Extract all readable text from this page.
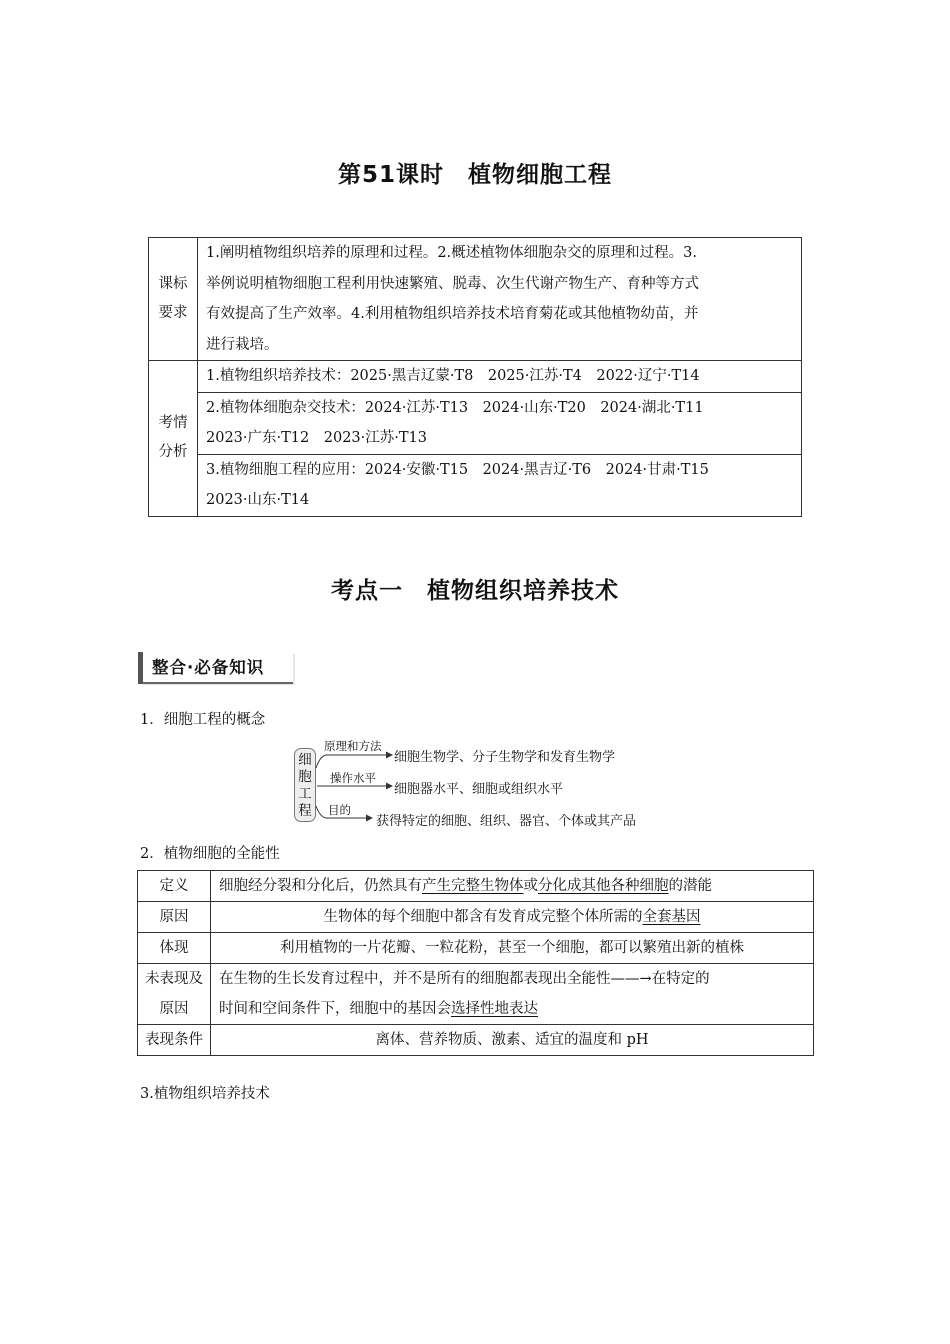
第51课时　植物细胞工程
课标要求	1.阐明植物组织培养的原理和过程。2.概述植物体细胞杂交的原理和过程。3.
举例说明植物细胞工程利用快速繁殖、脱毒、次生代谢产物生产、育种等方式
有效提高了生产效率。4.利用植物组织培养技术培育菊花或其他植物幼苗，并
进行栽培。

考情分析	1.植物组织培养技术：2025·黑吉辽蒙·T8　2025·江苏·T4　2022·辽宁·T14

	2.植物体细胞杂交技术：2024·江苏·T13　2024·山东·T20　2024·湖北·T11
2023·广东·T12　2023·江苏·T13

	3.植物细胞工程的应用：2024·安徽·T15　2024·黑吉辽·T6　2024·甘肃·T15
2023·山东·T14
考点一　植物组织培养技术
整合·必备知识
1．细胞工程的概念
细胞工程
原理和方法
细胞生物学、分子生物学和发育生物学
操作水平
细胞器水平、细胞或组织水平
目的
获得特定的细胞、组织、器官、个体或其产品
2．植物细胞的全能性
定义	细胞经分裂和分化后，仍然具有产生完整生物体或分化成其他各种细胞的潜能
原因	生物体的每个细胞中都含有发育成完整个体所需的全套基因
体现	利用植物的一片花瓣、一粒花粉，甚至一个细胞，都可以繁殖出新的植株
未表现及原因	在生物的生长发育过程中，并不是所有的细胞都表现出全能性——→在特定的
时间和空间条件下，细胞中的基因会选择性地表达

表现条件	离体、营养物质、激素、适宜的温度和 pH
3.植物组织培养技术
